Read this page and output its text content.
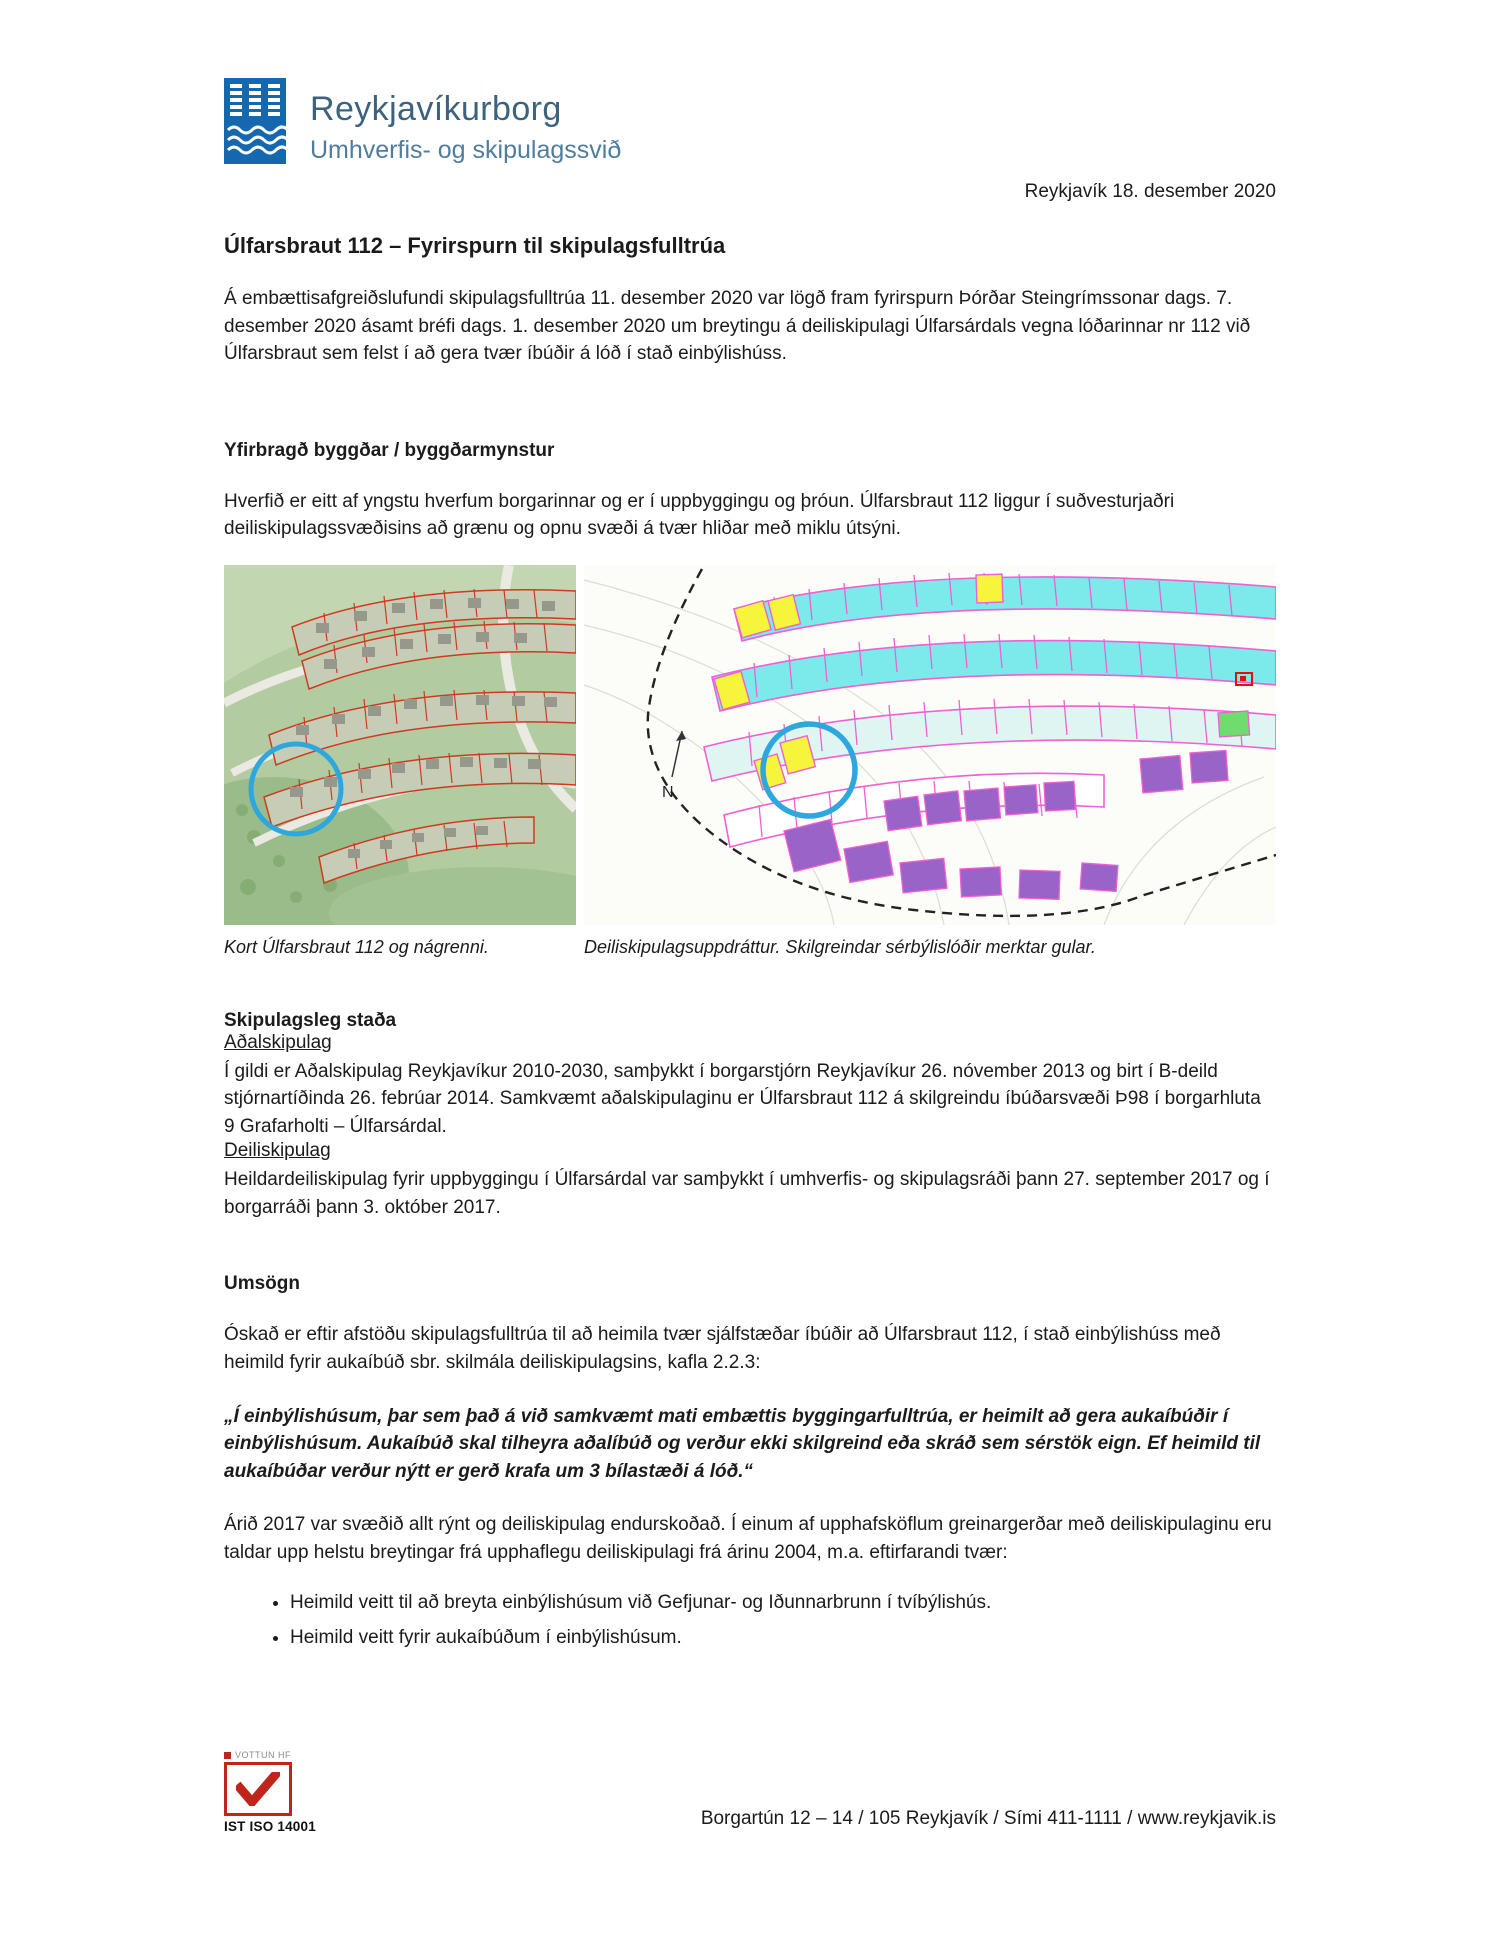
Reykjavíkurborg
Umhverfis- og skipulagssvið
Reykjavík 18. desember 2020
Úlfarsbraut 112 – Fyrirspurn til skipulagsfulltrúa

Á embættisafgreiðslufundi skipulagsfulltrúa 11. desember 2020 var lögð fram fyrirspurn Þórðar Steingrímssonar dags. 7. desember 2020 ásamt bréfi dags. 1. desember 2020 um breytingu á deiliskipulagi Úlfarsárdals vegna lóðarinnar nr 112 við Úlfarsbraut sem felst í að gera tvær íbúðir á lóð í stað einbýlishúss.

Yfirbragð byggðar / byggðarmynstur

Hverfið er eitt af yngstu hverfum borgarinnar og er í uppbyggingu og þróun. Úlfarsbraut 112 liggur í suðvesturjaðri deiliskipulagssvæðisins að grænu og opnu svæði á tvær hliðar með miklu útsýni.

Kort Úlfarsbraut 112 og nágrenni.
N
Deiliskipulagsuppdráttur. Skilgreindar sérbýlislóðir merktar gular.
Skipulagsleg staða
Aðalskipulag

Í gildi er Aðalskipulag Reykjavíkur 2010-2030, samþykkt í borgarstjórn Reykjavíkur 26. nóvember 2013 og birt í B-deild stjórnartíðinda 26. febrúar 2014. Samkvæmt aðalskipulaginu er Úlfarsbraut 112 á skilgreindu íbúðarsvæði Þ98 í borgarhluta 9 Grafarholti – Úlfarsárdal.

Deiliskipulag

Heildardeiliskipulag fyrir uppbyggingu í Úlfarsárdal var samþykkt í umhverfis- og skipulagsráði þann 27. september 2017 og í borgarráði þann 3. október 2017.

Umsögn

Óskað er eftir afstöðu skipulagsfulltrúa til að heimila tvær sjálfstæðar íbúðir að Úlfarsbraut 112, í stað einbýlishúss með heimild fyrir aukaíbúð sbr. skilmála deiliskipulagsins, kafla 2.2.3:

„Í einbýlishúsum, þar sem það á við samkvæmt mati embættis byggingarfulltrúa, er heimilt að gera aukaíbúðir í einbýlishúsum. Aukaíbúð skal tilheyra aðalíbúð og verður ekki skilgreind eða skráð sem sérstök eign. Ef heimild til aukaíbúðar verður nýtt er gerð krafa um 3 bílastæði á lóð.“

Árið 2017 var svæðið allt rýnt og deiliskipulag endurskoðað. Í einum af upphafsköflum greinargerðar með deiliskipulaginu eru taldar upp helstu breytingar frá upphaflegu deiliskipulagi frá árinu 2004, m.a. eftirfarandi tvær:

• Heimild veitt til að breyta einbýlishúsum við Gefjunar- og Iðunnarbrunn í tvíbýlishús.
• Heimild veitt fyrir aukaíbúðum í einbýlishúsum.
VOTTUN HF
IST ISO 14001	Borgartún 12 – 14 / 105 Reykjavík / Sími 411-1111 / www.reykjavik.is
